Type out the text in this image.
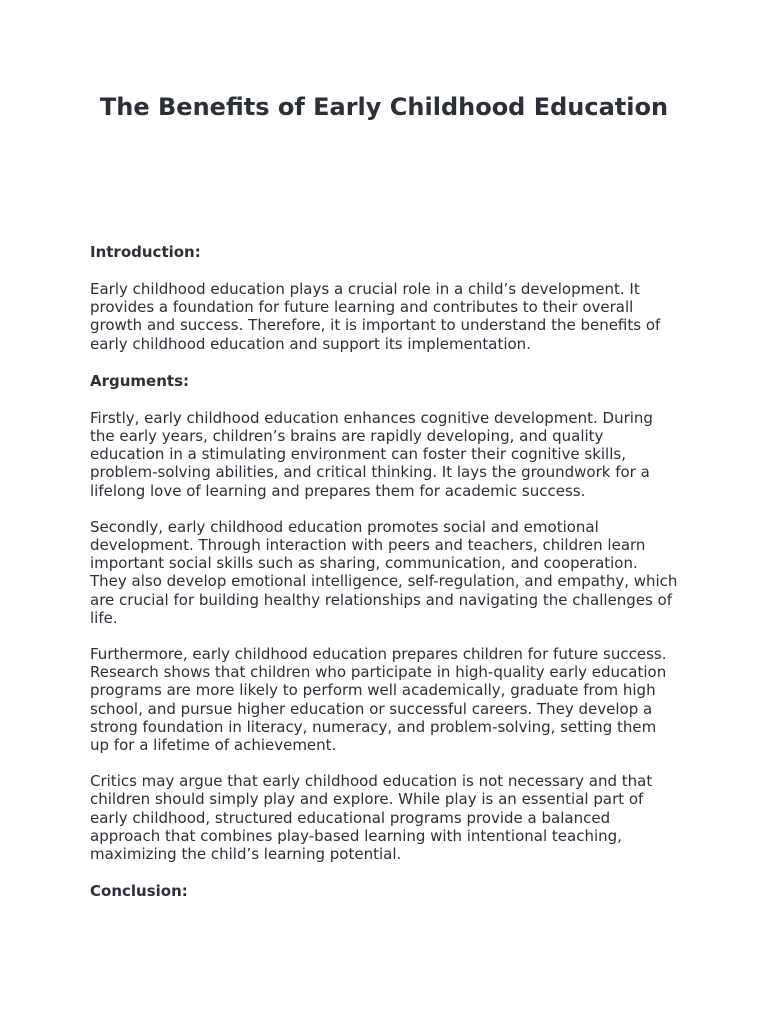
The Benefits of Early Childhood Education

Introduction:

Early childhood education plays a crucial role in a child’s development. It provides a foundation for future learning and contributes to their overall growth and success. Therefore, it is important to understand the benefits of early childhood education and support its implementation.

Arguments:

Firstly, early childhood education enhances cognitive development. During the early years, children’s brains are rapidly developing, and quality education in a stimulating environment can foster their cognitive skills, problem-solving abilities, and critical thinking. It lays the groundwork for a lifelong love of learning and prepares them for academic success.

Secondly, early childhood education promotes social and emotional development. Through interaction with peers and teachers, children learn important social skills such as sharing, communication, and cooperation. They also develop emotional intelligence, self-regulation, and empathy, which are crucial for building healthy relationships and navigating the challenges of life.

Furthermore, early childhood education prepares children for future success. Research shows that children who participate in high-quality early education programs are more likely to perform well academically, graduate from high school, and pursue higher education or successful careers. They develop a strong foundation in literacy, numeracy, and problem-solving, setting them up for a lifetime of achievement.

Critics may argue that early childhood education is not necessary and that children should simply play and explore. While play is an essential part of early childhood, structured educational programs provide a balanced approach that combines play-based learning with intentional teaching, maximizing the child’s learning potential.

Conclusion:
